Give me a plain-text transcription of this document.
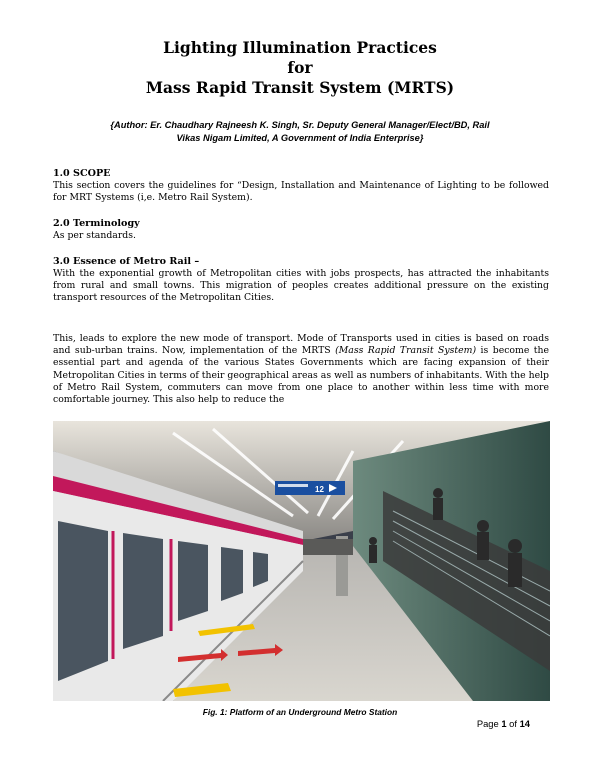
Lighting Illumination Practices
for
Mass Rapid Transit System (MRTS)
{Author: Er. Chaudhary Rajneesh K. Singh, Sr. Deputy General Manager/Elect/BD, Rail
Vikas Nigam Limited, A Government of India Enterprise}
1.0 SCOPE
This section covers the guidelines for “Design, Installation and Maintenance of Lighting to be followed for MRT Systems (i,e. Metro Rail System).
2.0 Terminology
As per standards.
3.0 Essence of Metro Rail –
With the exponential growth of Metropolitan cities with jobs prospects, has attracted the inhabitants from rural and small towns. This migration of peoples creates additional pressure on the existing transport resources of the Metropolitan Cities.
This, leads to explore the new mode of transport. Mode of Transports used in cities is based on roads and sub-urban trains. Now, implementation of the MRTS (Mass Rapid Transit System) is become the essential part and agenda of the various States Governments which are facing expansion of their Metropolitan Cities in terms of their geographical areas as well as numbers of inhabitants. With the help of Metro Rail System, commuters can move from one place to another within less time with more comfortable journey. This also help to reduce the
12
Fig. 1: Platform of an Underground Metro Station
Page 1 of 14
